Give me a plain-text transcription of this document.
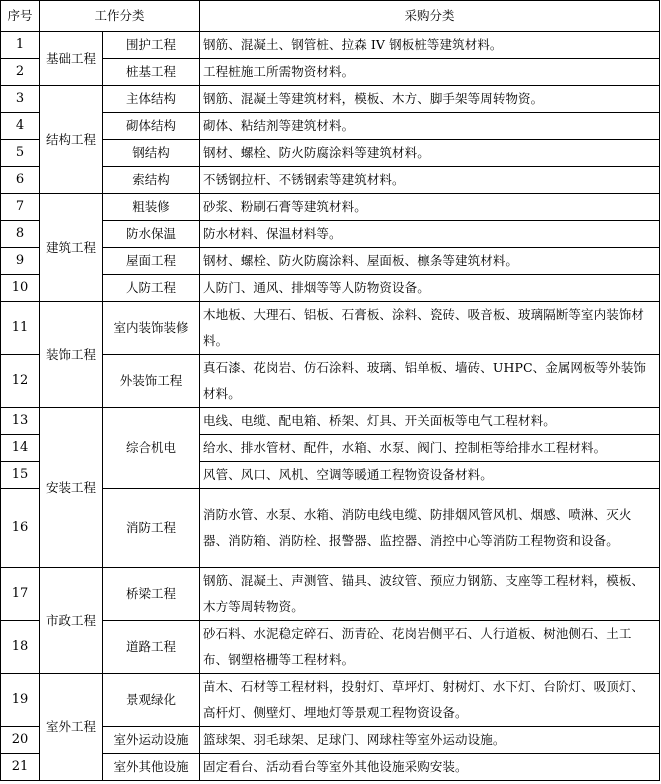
序号	工作分类		采购分类
1	基础工程	围护工程	钢筋、混凝土、钢管桩、拉森 IV 钢板桩等建筑材料。
2		桩基工程	工程桩施工所需物资材料。
3	结构工程	主体结构	钢筋、混凝土等建筑材料，模板、木方、脚手架等周转物资。
4		砌体结构	砌体、粘结剂等建筑材料。
5		钢结构	钢材、螺栓、防火防腐涂料等建筑材料。
6		索结构	不锈钢拉杆、不锈钢索等建筑材料。
7	建筑工程	粗装修	砂浆、粉刷石膏等建筑材料。
8		防水保温	防水材料、保温材料等。
9		屋面工程	钢材、螺栓、防火防腐涂料、屋面板、檩条等建筑材料。
10		人防工程	人防门、通风、排烟等等人防物资设备。
11	装饰工程	室内装饰装修	木地板、大理石、铝板、石膏板、涂料、瓷砖、吸音板、玻璃隔断等室内装饰材料。
12		外装饰工程	真石漆、花岗岩、仿石涂料、玻璃、铝单板、墙砖、UHPC、金属网板等外装饰材料。
13	安装工程	综合机电	电线、电缆、配电箱、桥架、灯具、开关面板等电气工程材料。
14			给水、排水管材、配件，水箱、水泵、阀门、控制柜等给排水工程材料。
15			风管、风口、风机、空调等暖通工程物资设备材料。
16		消防工程	消防水管、水泵、水箱、消防电线电缆、防排烟风管风机、烟感、喷淋、灭火器、消防箱、消防栓、报警器、监控器、消控中心等消防工程物资和设备。
17	市政工程	桥梁工程	钢筋、混凝土、声测管、锚具、波纹管、预应力钢筋、支座等工程材料，模板、木方等周转物资。
18		道路工程	砂石料、水泥稳定碎石、沥青砼、花岗岩侧平石、人行道板、树池侧石、土工布、钢塑格栅等工程材料。
19	室外工程	景观绿化	苗木、石材等工程材料，投射灯、草坪灯、射树灯、水下灯、台阶灯、吸顶灯、高杆灯、侧壁灯、埋地灯等景观工程物资设备。
20		室外运动设施	篮球架、羽毛球架、足球门、网球柱等室外运动设施。
21		室外其他设施	固定看台、活动看台等室外其他设施采购安装。
